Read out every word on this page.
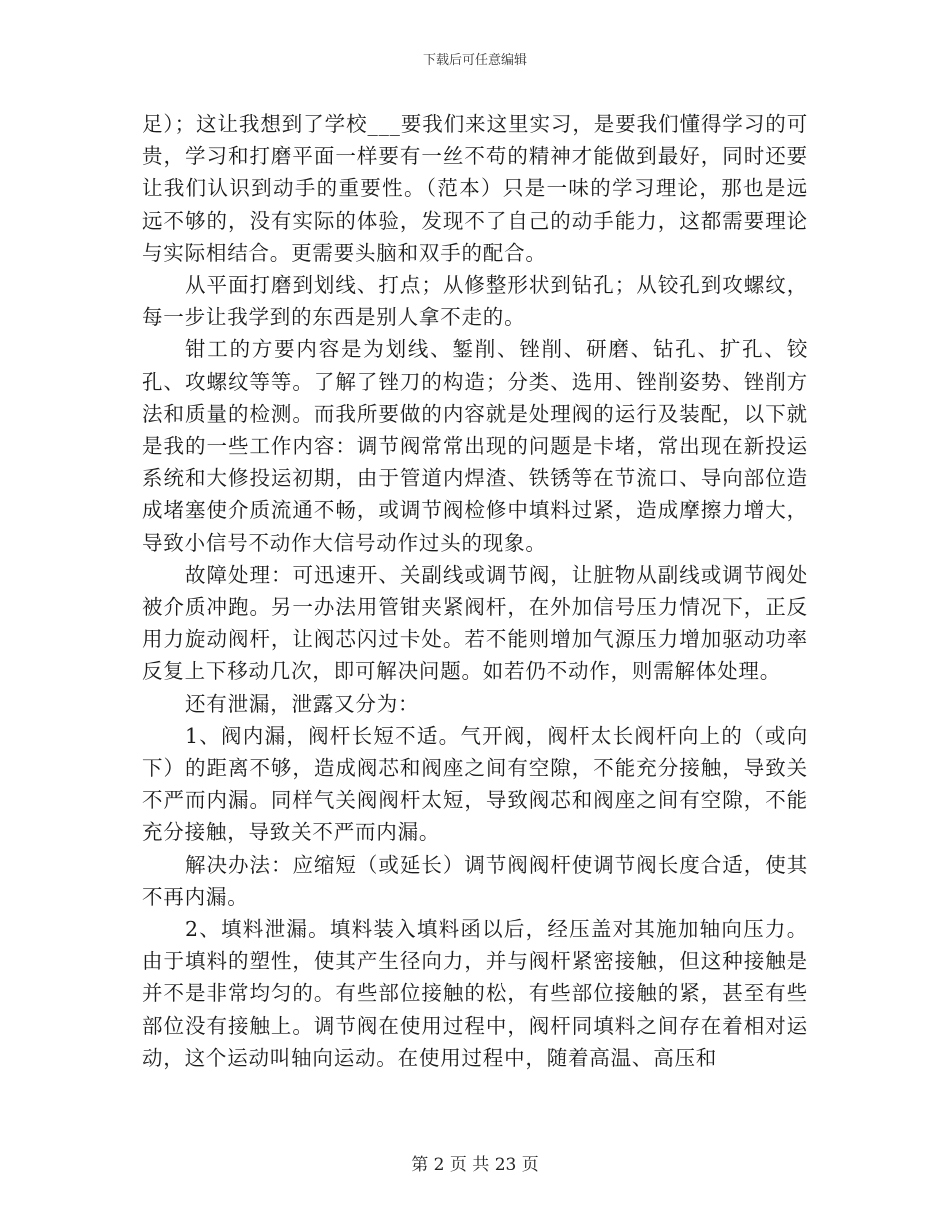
下载后可任意编辑

足）；这让我想到了学校___要我们来这里实习，是要我们懂得学习的可贵，学习和打磨平面一样要有一丝不苟的精神才能做到最好，同时还要让我们认识到动手的重要性。（范本）只是一味的学习理论，那也是远远不够的，没有实际的体验，发现不了自己的动手能力，这都需要理论与实际相结合。更需要头脑和双手的配合。

从平面打磨到划线、打点；从修整形状到钻孔；从铰孔到攻螺纹，每一步让我学到的东西是别人拿不走的。

钳工的方要内容是为划线、錾削、锉削、研磨、钻孔、扩孔、铰孔、攻螺纹等等。了解了锉刀的构造；分类、选用、锉削姿势、锉削方法和质量的检测。而我所要做的内容就是处理阀的运行及装配，以下就是我的一些工作内容：调节阀常常出现的问题是卡堵，常出现在新投运系统和大修投运初期，由于管道内焊渣、铁锈等在节流口、导向部位造成堵塞使介质流通不畅，或调节阀检修中填料过紧，造成摩擦力增大，导致小信号不动作大信号动作过头的现象。

故障处理：可迅速开、关副线或调节阀，让脏物从副线或调节阀处被介质冲跑。另一办法用管钳夹紧阀杆，在外加信号压力情况下，正反用力旋动阀杆，让阀芯闪过卡处。若不能则增加气源压力增加驱动功率反复上下移动几次，即可解决问题。如若仍不动作，则需解体处理。

还有泄漏，泄露又分为：

1、阀内漏，阀杆长短不适。气开阀，阀杆太长阀杆向上的（或向下）的距离不够，造成阀芯和阀座之间有空隙，不能充分接触，导致关不严而内漏。同样气关阀阀杆太短，导致阀芯和阀座之间有空隙，不能充分接触，导致关不严而内漏。

解决办法：应缩短（或延长）调节阀阀杆使调节阀长度合适，使其不再内漏。

2、填料泄漏。填料装入填料函以后，经压盖对其施加轴向压力。由于填料的塑性，使其产生径向力，并与阀杆紧密接触，但这种接触是并不是非常均匀的。有些部位接触的松，有些部位接触的紧，甚至有些部位没有接触上。调节阀在使用过程中，阀杆同填料之间存在着相对运动，这个运动叫轴向运动。在使用过程中，随着高温、高压和

第 2 页 共 23 页
